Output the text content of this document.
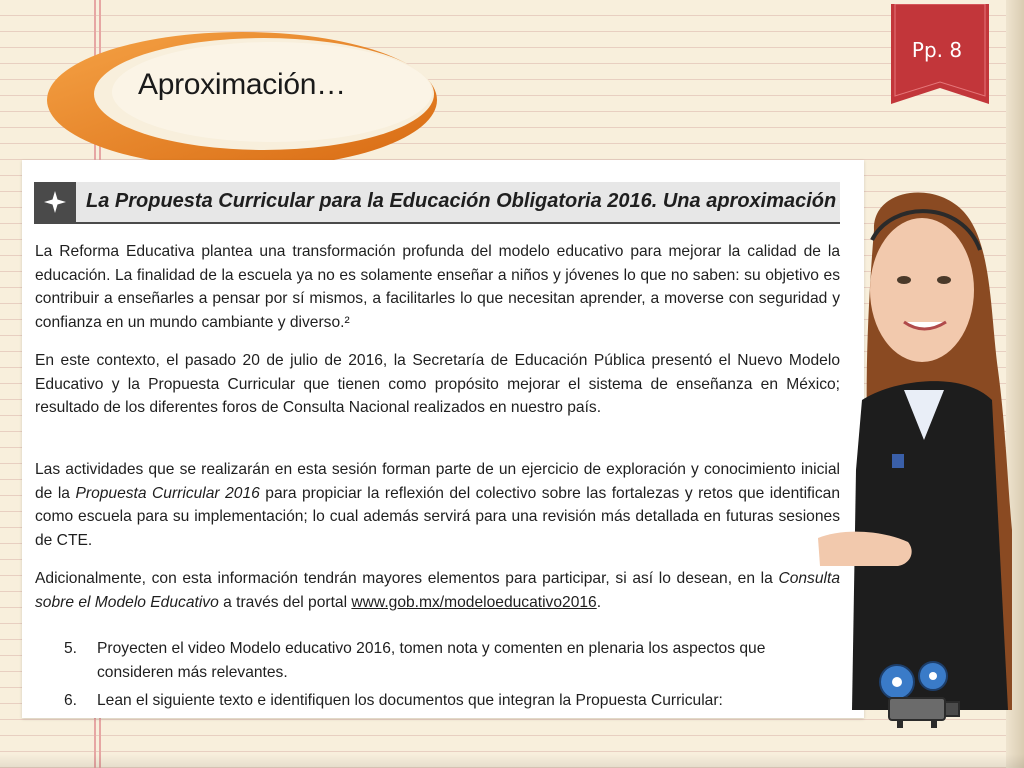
Aproximación…
Pp. 8
La Propuesta Curricular para la Educación Obligatoria 2016. Una aproximación

La Reforma Educativa plantea una transformación profunda del modelo educativo para mejorar la calidad de la educación. La finalidad de la escuela ya no es solamente enseñar a niños y jóvenes lo que no saben: su objetivo es contribuir a enseñarles a pensar por sí mismos, a facilitarles lo que necesitan aprender, a moverse con seguridad y confianza en un mundo cambiante y diverso.²

En este contexto, el pasado 20 de julio de 2016, la Secretaría de Educación Pública presentó el Nuevo Modelo Educativo y la Propuesta Curricular que tienen como propósito mejorar el sistema de enseñanza en México; resultado de los diferentes foros de Consulta Nacional realizados en nuestro país.

Las actividades que se realizarán en esta sesión forman parte de un ejercicio de exploración y conocimiento inicial de la Propuesta Curricular 2016 para propiciar la reflexión del colectivo sobre las fortalezas y retos que identifican como escuela para su implementación; lo cual además servirá para una revisión más detallada en futuras sesiones de CTE.

Adicionalmente, con esta información tendrán mayores elementos para participar, si así lo desean, en la Consulta sobre el Modelo Educativo a través del portal www.gob.mx/modeloeducativo2016.

5. Proyecten el video Modelo educativo 2016, tomen nota y comenten en plenaria los aspectos que consideren más relevantes.
6. Lean el siguiente texto e identifiquen los documentos que integran la Propuesta Curricular:
